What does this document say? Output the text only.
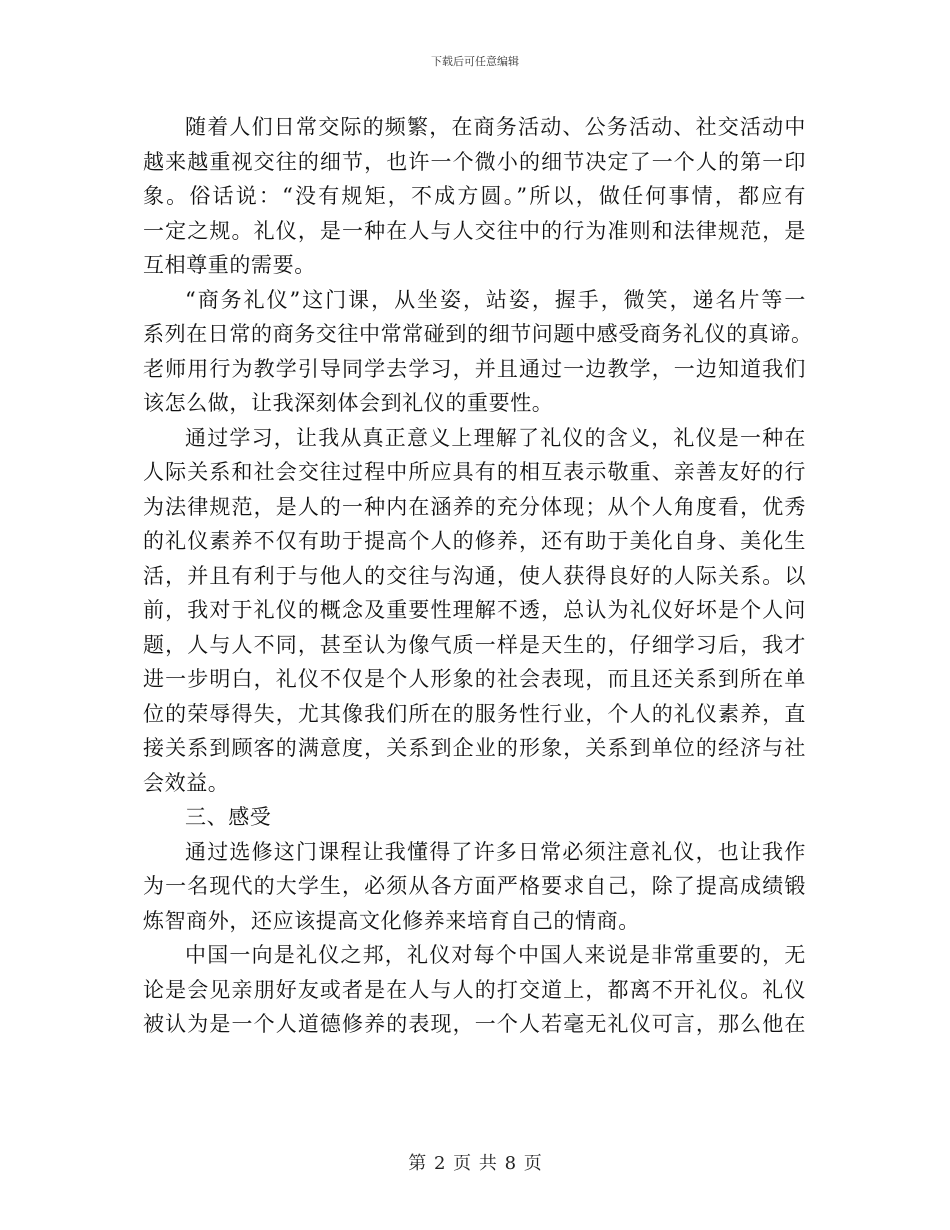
下载后可任意编辑

随着人们日常交际的频繁，在商务活动、公务活动、社交活动中
越来越重视交往的细节，也许一个微小的细节决定了一个人的第一印
象。俗话说：“没有规矩，不成方圆。”所以，做任何事情，都应有
一定之规。礼仪，是一种在人与人交往中的行为准则和法律规范，是
互相尊重的需要。

“商务礼仪”这门课，从坐姿，站姿，握手，微笑，递名片等一
系列在日常的商务交往中常常碰到的细节问题中感受商务礼仪的真谛。
老师用行为教学引导同学去学习，并且通过一边教学，一边知道我们
该怎么做，让我深刻体会到礼仪的重要性。

通过学习，让我从真正意义上理解了礼仪的含义，礼仪是一种在
人际关系和社会交往过程中所应具有的相互表示敬重、亲善友好的行
为法律规范，是人的一种内在涵养的充分体现；从个人角度看，优秀
的礼仪素养不仅有助于提高个人的修养，还有助于美化自身、美化生
活，并且有利于与他人的交往与沟通，使人获得良好的人际关系。以
前，我对于礼仪的概念及重要性理解不透，总认为礼仪好坏是个人问
题，人与人不同，甚至认为像气质一样是天生的，仔细学习后，我才
进一步明白，礼仪不仅是个人形象的社会表现，而且还关系到所在单
位的荣辱得失，尤其像我们所在的服务性行业，个人的礼仪素养，直
接关系到顾客的满意度，关系到企业的形象，关系到单位的经济与社
会效益。

三、感受

通过选修这门课程让我懂得了许多日常必须注意礼仪，也让我作
为一名现代的大学生，必须从各方面严格要求自己，除了提高成绩锻
炼智商外，还应该提高文化修养来培育自己的情商。

中国一向是礼仪之邦，礼仪对每个中国人来说是非常重要的，无
论是会见亲朋好友或者是在人与人的打交道上，都离不开礼仪。礼仪
被认为是一个人道德修养的表现，一个人若毫无礼仪可言，那么他在

第 2 页 共 8 页
